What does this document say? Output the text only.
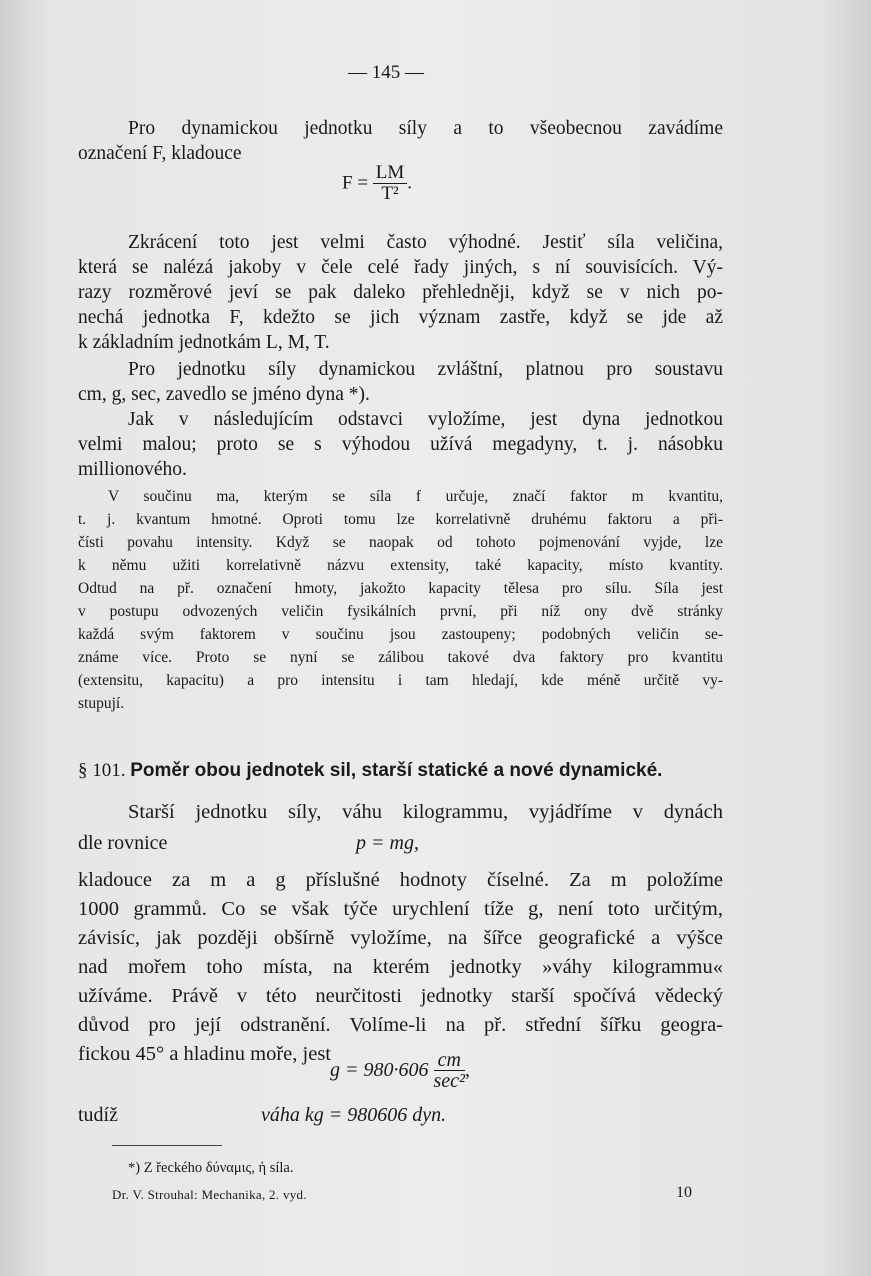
— 145 —
Pro dynamickou jednotku síly a to všeobecnou zavádíme
označení F, kladouce
$F = \frac{LM}{\text{T²}}$ .
Zkrácení toto jest velmi často výhodné. Jestiť síla veličina,
která se nalézá jakoby v čele celé řady jiných, s ní souvisících. Vý-
razy rozměrové jeví se pak daleko přehledněji, když se v nich po-
nechá jednotka F, kdežto se jich význam zastře, když se jde až
k základním jednotkám L, M, T.
Pro jednotku síly dynamickou zvláštní, platnou pro soustavu
cm, g, sec, zavedlo se jméno dyna *).
Jak v následujícím odstavci vyložíme, jest dyna jednotkou
velmi malou; proto se s výhodou užívá megadyny, t. j. násobku
millionového.
V součinu ma, kterým se síla f určuje, značí faktor m kvantitu,
t. j. kvantum hmotné. Oproti tomu lze korrelativně druhému faktoru a při-
čísti povahu intensity. Když se naopak od tohoto pojmenování vyjde, lze
k němu užiti korrelativně názvu extensity, také kapacity, místo kvantity.
Odtud na př. označení hmoty, jakožto kapacity tělesa pro sílu. Síla jest
v postupu odvozených veličin fysikálních první, při níž ony dvě stránky
každá svým faktorem v součinu jsou zastoupeny; podobných veličin se-
známe více. Proto se nyní se zálibou takové dva faktory pro kvantitu
(extensitu, kapacitu) a pro intensitu i tam hledají, kde méně určitě vy-
stupují.
§ 101. Poměr obou jednotek sil, starší statické a nové dynamické.
Starší jednotku síly, váhu kilogrammu, vyjádříme v dynách
dle rovnice	p = mg,
kladouce za m a g příslušné hodnoty číselné. Za m položíme
1000 grammů. Co se však týče urychlení tíže g, není toto určitým,
závisíc, jak později obšírně vyložíme, na šířce geografické a výšce
nad mořem toho místa, na kterém jednotky »váhy kilogrammu«
užíváme. Právě v této neurčitosti jednotky starší spočívá vědecký
důvod pro její odstranění. Volíme-li na př. střední šířku geogra-
fickou 45° a hladinu moře, jest
$g = 980\cdot 606 \frac{cm}{\text{sec²}}$ ,
tudíž	váha kg = 980606 dyn.
*) Z řeckého δύναμις, ἡ síla.
Dr. V. Strouhal: Mechanika, 2. vyd.	10
